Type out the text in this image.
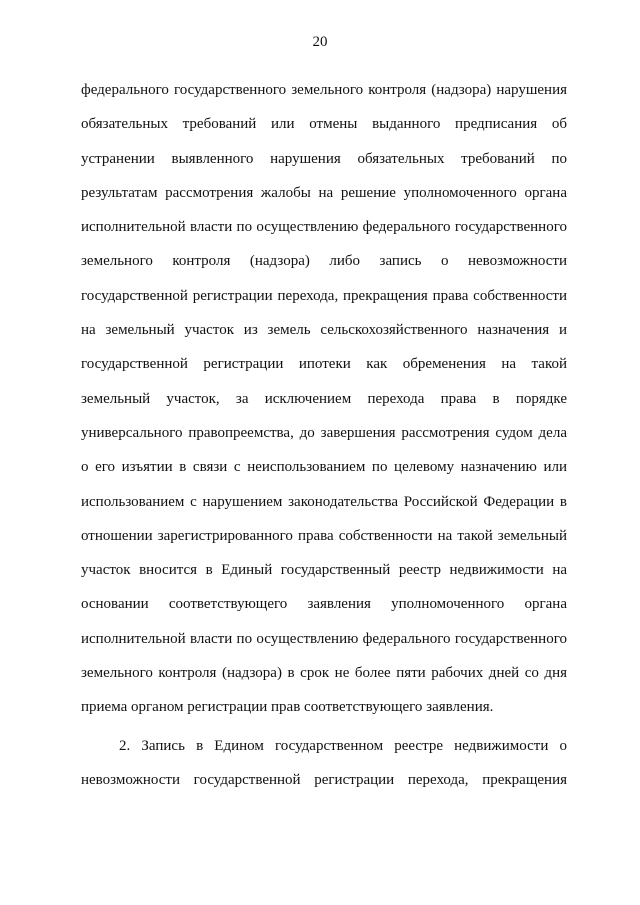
20
федерального государственного земельного контроля (надзора) нарушения
обязательных требований или отмены выданного предписания об
устранении выявленного нарушения обязательных требований по
результатам рассмотрения жалобы на решение уполномоченного органа
исполнительной власти по осуществлению федерального государственного
земельного контроля (надзора) либо запись о невозможности
государственной регистрации перехода, прекращения права собственности
на земельный участок из земель сельскохозяйственного назначения и
государственной регистрации ипотеки как обременения на такой
земельный участок, за исключением перехода права в порядке
универсального правопреемства, до завершения рассмотрения судом дела
о его изъятии в связи с неиспользованием по целевому назначению или
использованием с нарушением законодательства Российской Федерации в
отношении зарегистрированного права собственности на такой земельный
участок вносится в Единый государственный реестр недвижимости на
основании соответствующего заявления уполномоченного органа
исполнительной власти по осуществлению федерального государственного
земельного контроля (надзора) в срок не более пяти рабочих дней со дня
приема органом регистрации прав соответствующего заявления.
2. Запись в Едином государственном реестре недвижимости о
невозможности государственной регистрации перехода, прекращения
